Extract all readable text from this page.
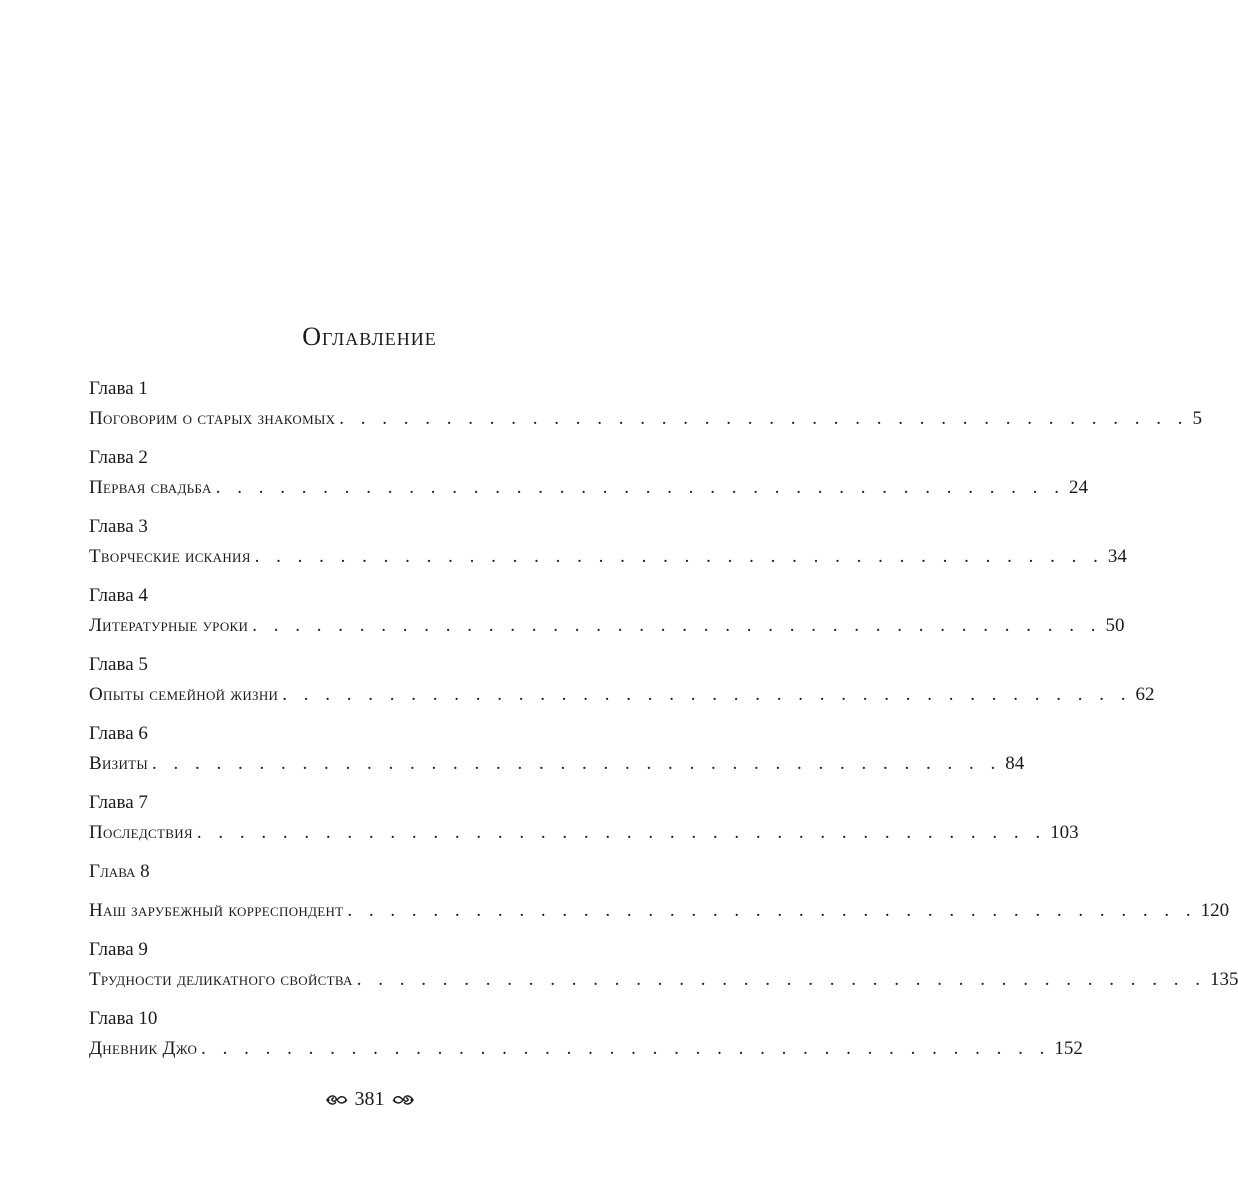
Оглавление
Глава 1
Поговорим о старых знакомых . . . . . . . . . . . . . . . . . . . . . . . . . . . . . . . . . . . . . . . . 5
Глава 2
Первая свадьба . . . . . . . . . . . . . . . . . . . . . . . . . . . . . . . . . . . . . . . . 24
Глава 3
Творческие искания . . . . . . . . . . . . . . . . . . . . . . . . . . . . . . . . . . . . . . . . 34
Глава 4
Литературные уроки . . . . . . . . . . . . . . . . . . . . . . . . . . . . . . . . . . . . . . . . 50
Глава 5
Опыты семейной жизни . . . . . . . . . . . . . . . . . . . . . . . . . . . . . . . . . . . . . . . . 62
Глава 6
Визиты . . . . . . . . . . . . . . . . . . . . . . . . . . . . . . . . . . . . . . . . 84
Глава 7
Последствия . . . . . . . . . . . . . . . . . . . . . . . . . . . . . . . . . . . . . . . . 103
Глава 8
Наш зарубежный корреспондент . . . . . . . . . . . . . . . . . . . . . . . . . . . . . . . . . . . . . . . . 120
Глава 9
Трудности деликатного свойства . . . . . . . . . . . . . . . . . . . . . . . . . . . . . . . . . . . . . . . . 135
Глава 10
Дневник Джо . . . . . . . . . . . . . . . . . . . . . . . . . . . . . . . . . . . . . . . . 152
381
